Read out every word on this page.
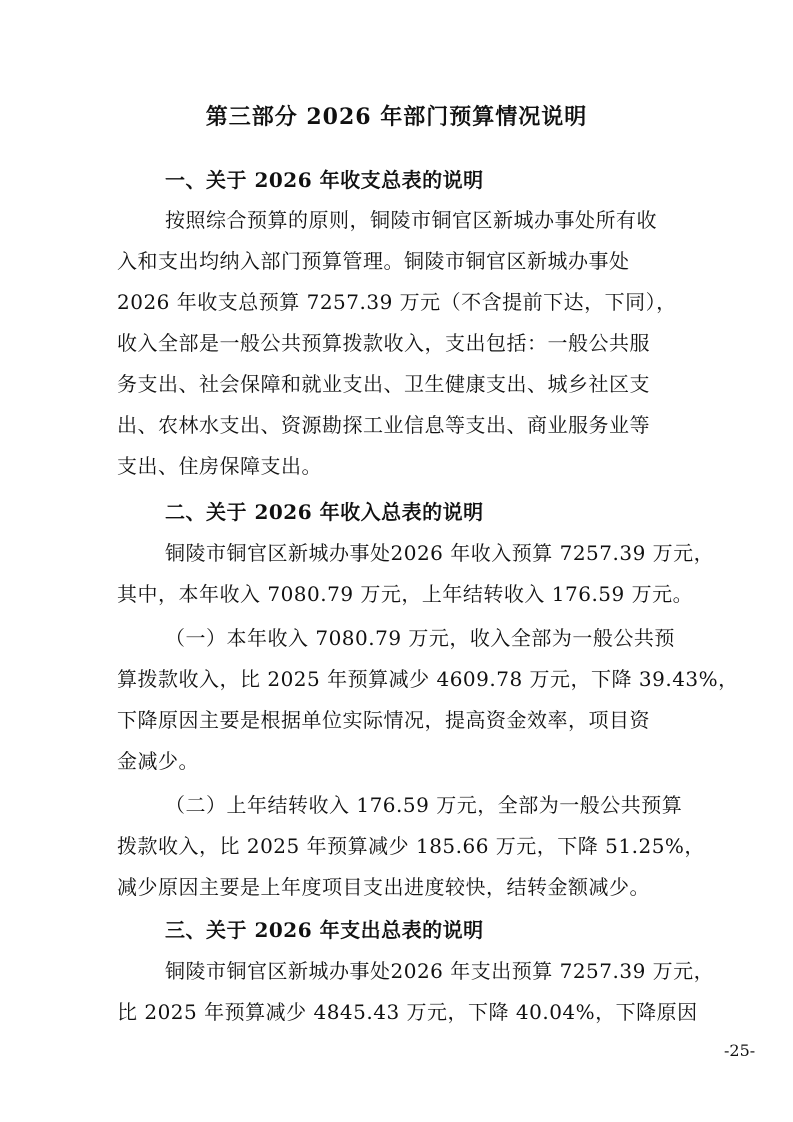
第三部分 2026 年部门预算情况说明
一、关于 2026 年收支总表的说明
按照综合预算的原则，铜陵市铜官区新城办事处所有收
入和支出均纳入部门预算管理。铜陵市铜官区新城办事处
2026 年收支总预算 7257.39 万元（不含提前下达，下同），
收入全部是一般公共预算拨款收入，支出包括：一般公共服
务支出、社会保障和就业支出、卫生健康支出、城乡社区支
出、农林水支出、资源勘探工业信息等支出、商业服务业等
支出、住房保障支出。
二、关于 2026 年收入总表的说明
铜陵市铜官区新城办事处2026 年收入预算 7257.39 万元，
其中，本年收入 7080.79 万元，上年结转收入 176.59 万元。
（一）本年收入 7080.79 万元，收入全部为一般公共预
算拨款收入，比 2025 年预算减少 4609.78 万元，下降 39.43%，
下降原因主要是根据单位实际情况，提高资金效率，项目资
金减少。
（二）上年结转收入 176.59 万元，全部为一般公共预算
拨款收入，比 2025 年预算减少 185.66 万元，下降 51.25%，
减少原因主要是上年度项目支出进度较快，结转金额减少。
三、关于 2026 年支出总表的说明
铜陵市铜官区新城办事处2026 年支出预算 7257.39 万元，
比 2025 年预算减少 4845.43 万元，下降 40.04%，下降原因
-25-
